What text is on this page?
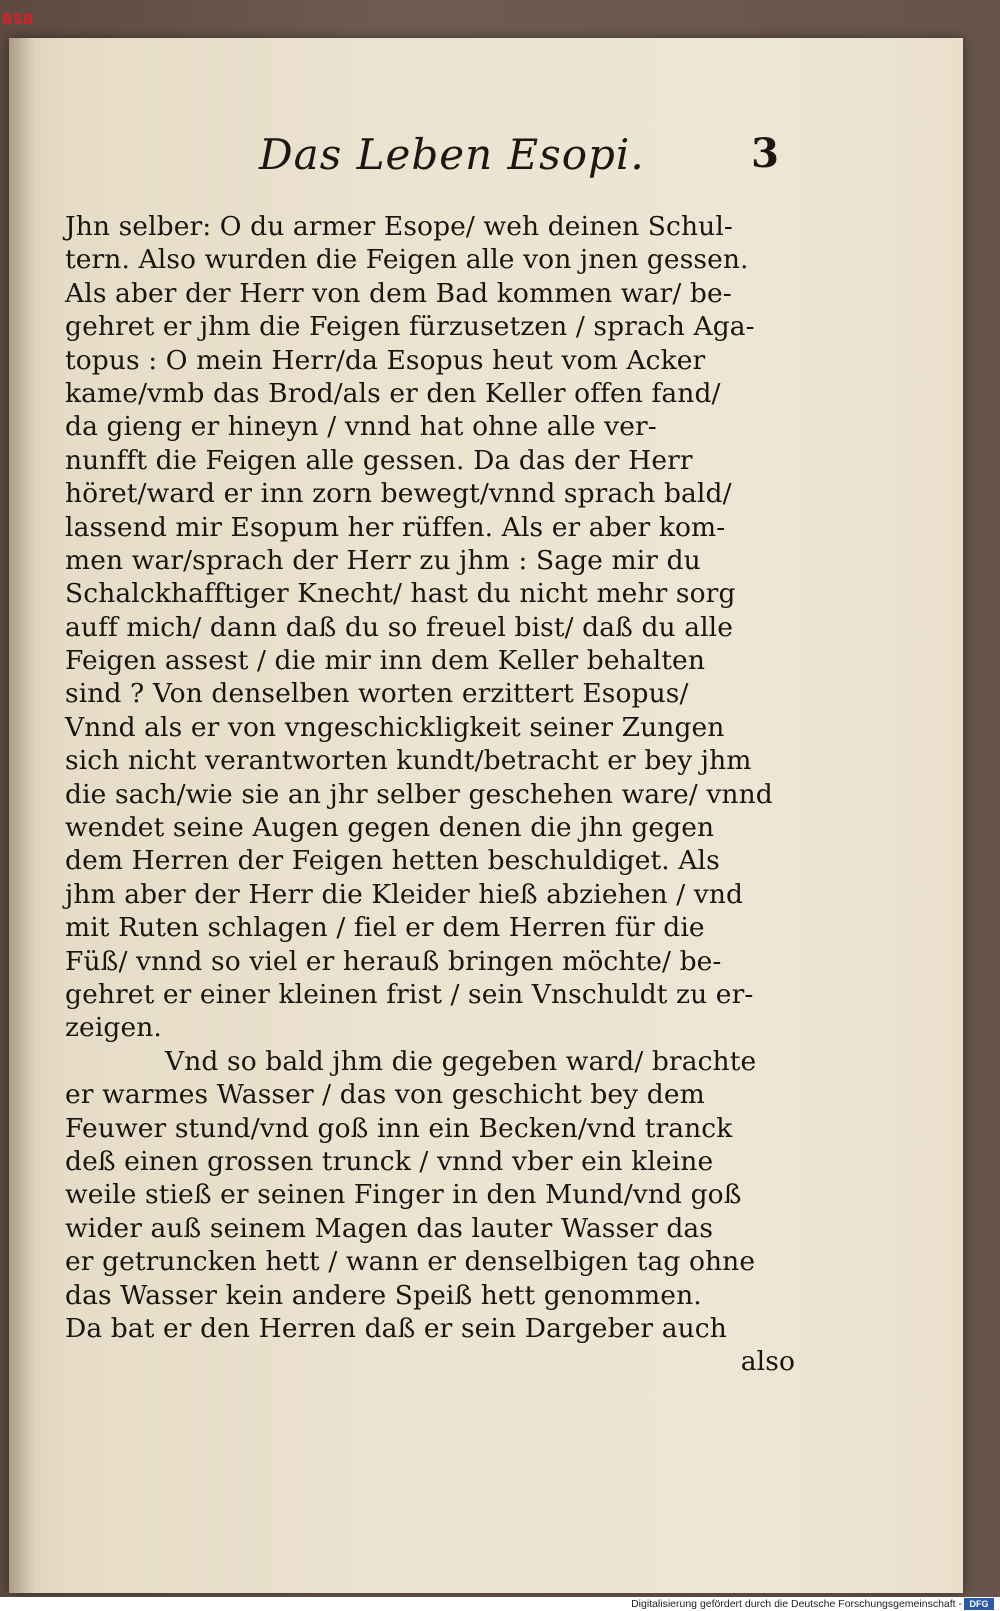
BSB
Das Leben Esopi.	3
Jhn selber: O du armer Esope/ weh deinen Schul-
tern. Also wurden die Feigen alle von jnen gessen.
Als aber der Herr von dem Bad kommen war/ be-
gehret er jhm die Feigen fürzusetzen / sprach Aga-
topus : O mein Herr/da Esopus heut vom Acker
kame/vmb das Brod/als er den Keller offen fand/
da gieng er hineyn / vnnd hat ohne alle ver-
nunfft die Feigen alle gessen. Da das der Herr
höret/ward er inn zorn bewegt/vnnd sprach bald/
lassend mir Esopum her rüffen. Als er aber kom-
men war/sprach der Herr zu jhm : Sage mir du
Schalckhafftiger Knecht/ hast du nicht mehr sorg
auff mich/ dann daß du so freuel bist/ daß du alle
Feigen assest / die mir inn dem Keller behalten
sind ? Von denselben worten erzittert Esopus/
Vnnd als er von vngeschickligkeit seiner Zungen
sich nicht verantworten kundt/betracht er bey jhm
die sach/wie sie an jhr selber geschehen ware/ vnnd
wendet seine Augen gegen denen die jhn gegen
dem Herren der Feigen hetten beschuldiget. Als
jhm aber der Herr die Kleider hieß abziehen / vnd
mit Ruten schlagen / fiel er dem Herren für die
Füß/ vnnd so viel er herauß bringen möchte/ be-
gehret er einer kleinen frist / sein Vnschuldt zu er-
zeigen.
Vnd so bald jhm die gegeben ward/ brachte
er warmes Wasser / das von geschicht bey dem
Feuwer stund/vnd goß inn ein Becken/vnd tranck
deß einen grossen trunck / vnnd vber ein kleine
weile stieß er seinen Finger in den Mund/vnd goß
wider auß seinem Magen das lauter Wasser das
er getruncken hett / wann er denselbigen tag ohne
das Wasser kein andere Speiß hett genommen.
Da bat er den Herren daß er sein Dargeber auch
also
Digitalisierung gefördert durch die Deutsche Forschungsgemeinschaft - DFG
